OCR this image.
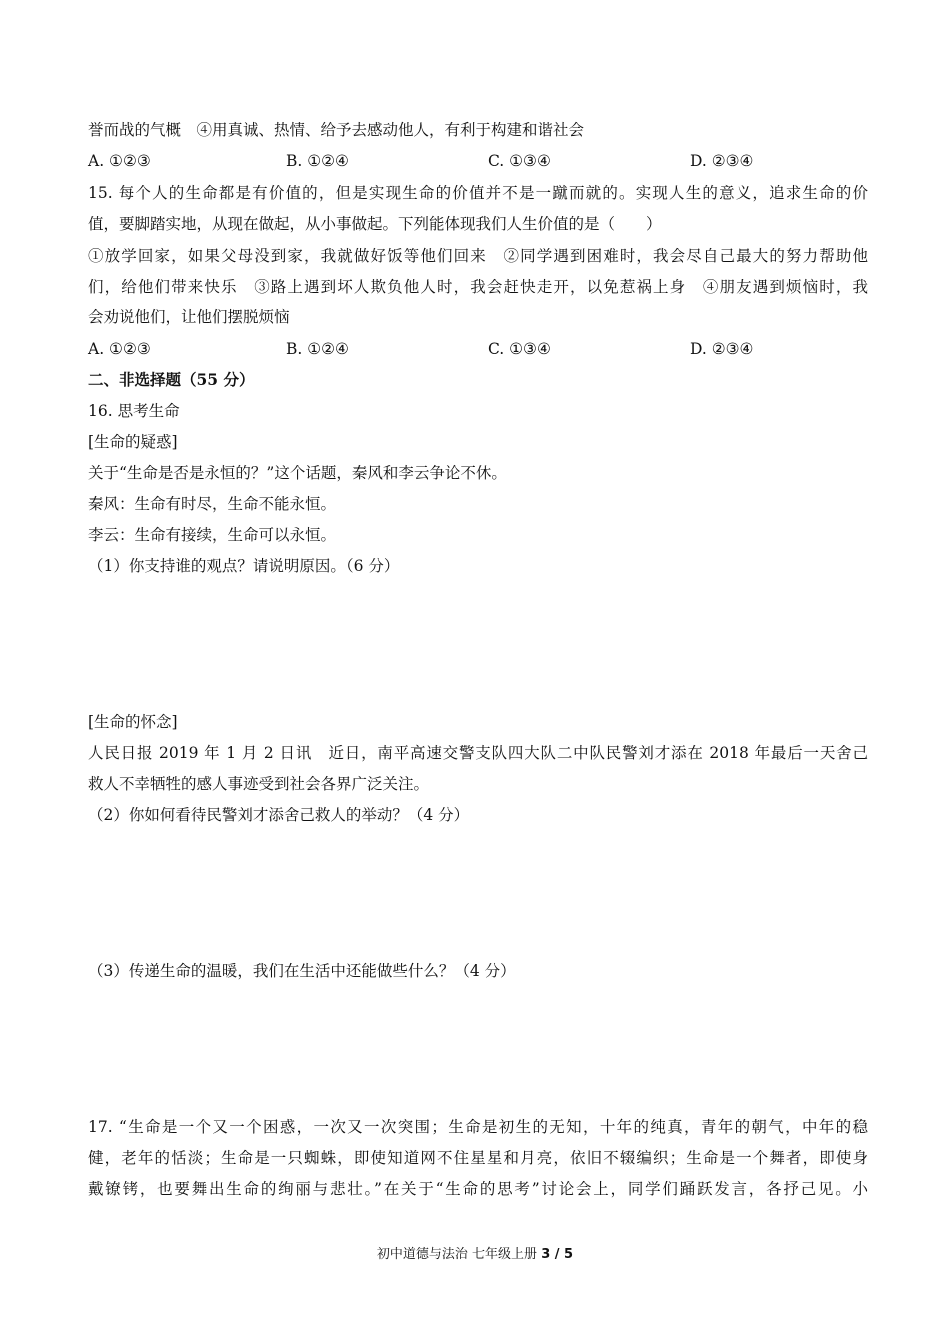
誉而战的气概　④用真诚、热情、给予去感动他人，有利于构建和谐社会
A. ①②③	B. ①②④	C. ①③④	D. ②③④
15. 每个人的生命都是有价值的，但是实现生命的价值并不是一蹴而就的。实现人生的意义，追求生命的价
值，要脚踏实地，从现在做起，从小事做起。下列能体现我们人生价值的是（　　）
①放学回家，如果父母没到家，我就做好饭等他们回来　②同学遇到困难时，我会尽自己最大的努力帮助他
们，给他们带来快乐　③路上遇到坏人欺负他人时，我会赶快走开，以免惹祸上身　④朋友遇到烦恼时，我
会劝说他们，让他们摆脱烦恼
A. ①②③	B. ①②④	C. ①③④	D. ②③④
二、非选择题（55 分）
16. 思考生命
[生命的疑惑]
关于“生命是否是永恒的？”这个话题，秦风和李云争论不休。
秦风：生命有时尽，生命不能永恒。
李云：生命有接续，生命可以永恒。
（1）你支持谁的观点？请说明原因。（6 分）
[生命的怀念]
人民日报 2019 年 1 月 2 日讯　近日，南平高速交警支队四大队二中队民警刘才添在 2018 年最后一天舍己
救人不幸牺牲的感人事迹受到社会各界广泛关注。
（2）你如何看待民警刘才添舍己救人的举动？（4 分）
（3）传递生命的温暖，我们在生活中还能做些什么？（4 分）
17. “生命是一个又一个困惑，一次又一次突围；生命是初生的无知，十年的纯真，青年的朝气，中年的稳
健，老年的恬淡；生命是一只蜘蛛，即使知道网不住星星和月亮，依旧不辍编织；生命是一个舞者，即使身
戴镣铐，也要舞出生命的绚丽与悲壮。”在关于“生命的思考”讨论会上，同学们踊跃发言，各抒己见。小
初中道德与法治 七年级上册 3 / 5
